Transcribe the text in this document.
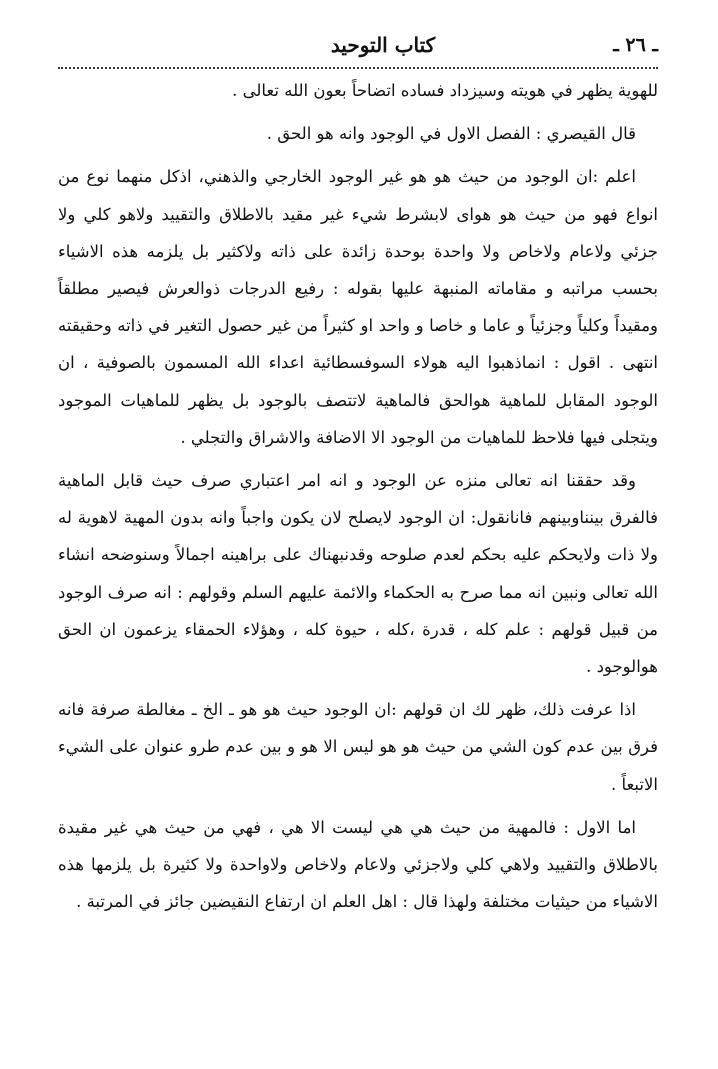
ـ ٢٦ ـ
كتاب التوحيد

للهوية يظهر في هويته وسيزداد فساده اتضاحاً بعون الله تعالى .

قال القيصري : الفصل الاول في الوجود وانه هو الحق .

اعلم :ان الوجود من حيث هو هو غير الوجود الخارجي والذهني، اذكل منهما نوع من انواع فهو من حيث هو هواى لابشرط شيء غير مقيد بالاطلاق والتقييد ولاهو كلي ولا جزئي ولاعام ولاخاص ولا واحدة بوحدة زائدة على ذاته ولاكثير بل يلزمه هذه الاشياء بحسب مراتبه و مقاماته المنبهة عليها بقوله : رفيع الدرجات ذوالعرش فيصير مطلقاً ومقيداً وكلياً وجزئياً و عاما و خاصا و واحد او كثيراً من غير حصول التغير في ذاته وحقيقته انتهى . اقول : انماذهبوا اليه هولاء السوفسطائية اعداء الله المسمون بالصوفية ، ان الوجود المقابل للماهية هوالحق فالماهية لاتتصف بالوجود بل يظهر للماهيات الموجود ويتجلى فيها فلاحظ للماهيات من الوجود الا الاضافة والاشراق والتجلي .

وقد حققنا انه تعالى منزه عن الوجود و انه امر اعتباري صرف حيث قابل الماهية فالفرق بينناوبينهم فانانقول: ان الوجود لايصلح لان يكون واجباً وانه بدون المهية لاهوية له ولا ذات ولايحكم عليه بحكم لعدم صلوحه وقدنبهناك على براهينه اجمالاً وسنوضحه انشاء الله تعالى ونبين انه مما صرح به الحكماء والائمة عليهم السلم وقولهم : انه صرف الوجود من قبيل قولهم : علم كله ، قدرة ،كله ، حيوة كله ، وهؤلاء الحمقاء يزعمون ان الحق هوالوجود .

اذا عرفت ذلك، ظهر لك ان قولهم :ان الوجود حيث هو هو ـ الخ ـ مغالطة صرفة فانه فرق بين عدم كون الشي من حيث هو هو ليس الا هو و بين عدم طرو عنوان على الشيء الاتبعاً .

اما الاول : فالمهية من حيث هي هي ليست الا هي ، فهي من حيث هي غير مقيدة بالاطلاق والتقييد ولاهي كلي ولاجزئي ولاعام ولاخاص ولاواحدة ولا كثيرة بل يلزمها هذه الاشياء من حيثيات مختلفة ولهذا قال : اهل العلم ان ارتفاع النقيضين جائز في المرتبة .
